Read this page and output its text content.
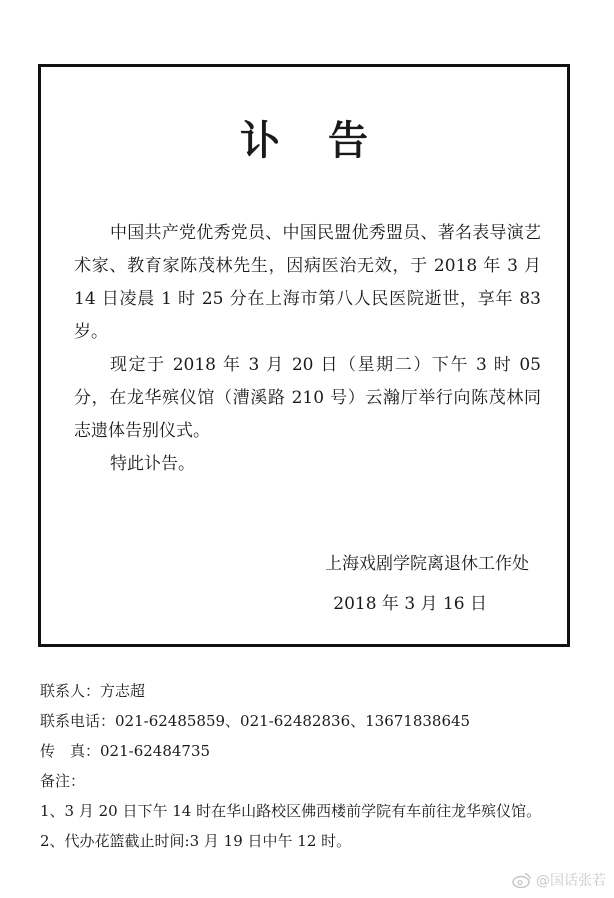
讣告

中国共产党优秀党员、中国民盟优秀盟员、著名表导演艺术家、教育家陈茂林先生，因病医治无效，于 2018 年 3 月 14 日凌晨 1 时 25 分在上海市第八人民医院逝世，享年 83 岁。

现定于 2018 年 3 月 20 日（星期二）下午 3 时 05 分，在龙华殡仪馆（漕溪路 210 号）云瀚厅举行向陈茂林同志遗体告别仪式。

特此讣告。

上海戏剧学院离退休工作处
2018 年 3 月 16 日
联系人：方志超
联系电话：021-62485859、021-62482836、13671838645
传　真：021-62484735
备注：
1、3 月 20 日下午 14 时在华山路校区佛西楼前学院有车前往龙华殡仪馆。
2、代办花篮截止时间:3 月 19 日中午 12 时。
@国话张若
